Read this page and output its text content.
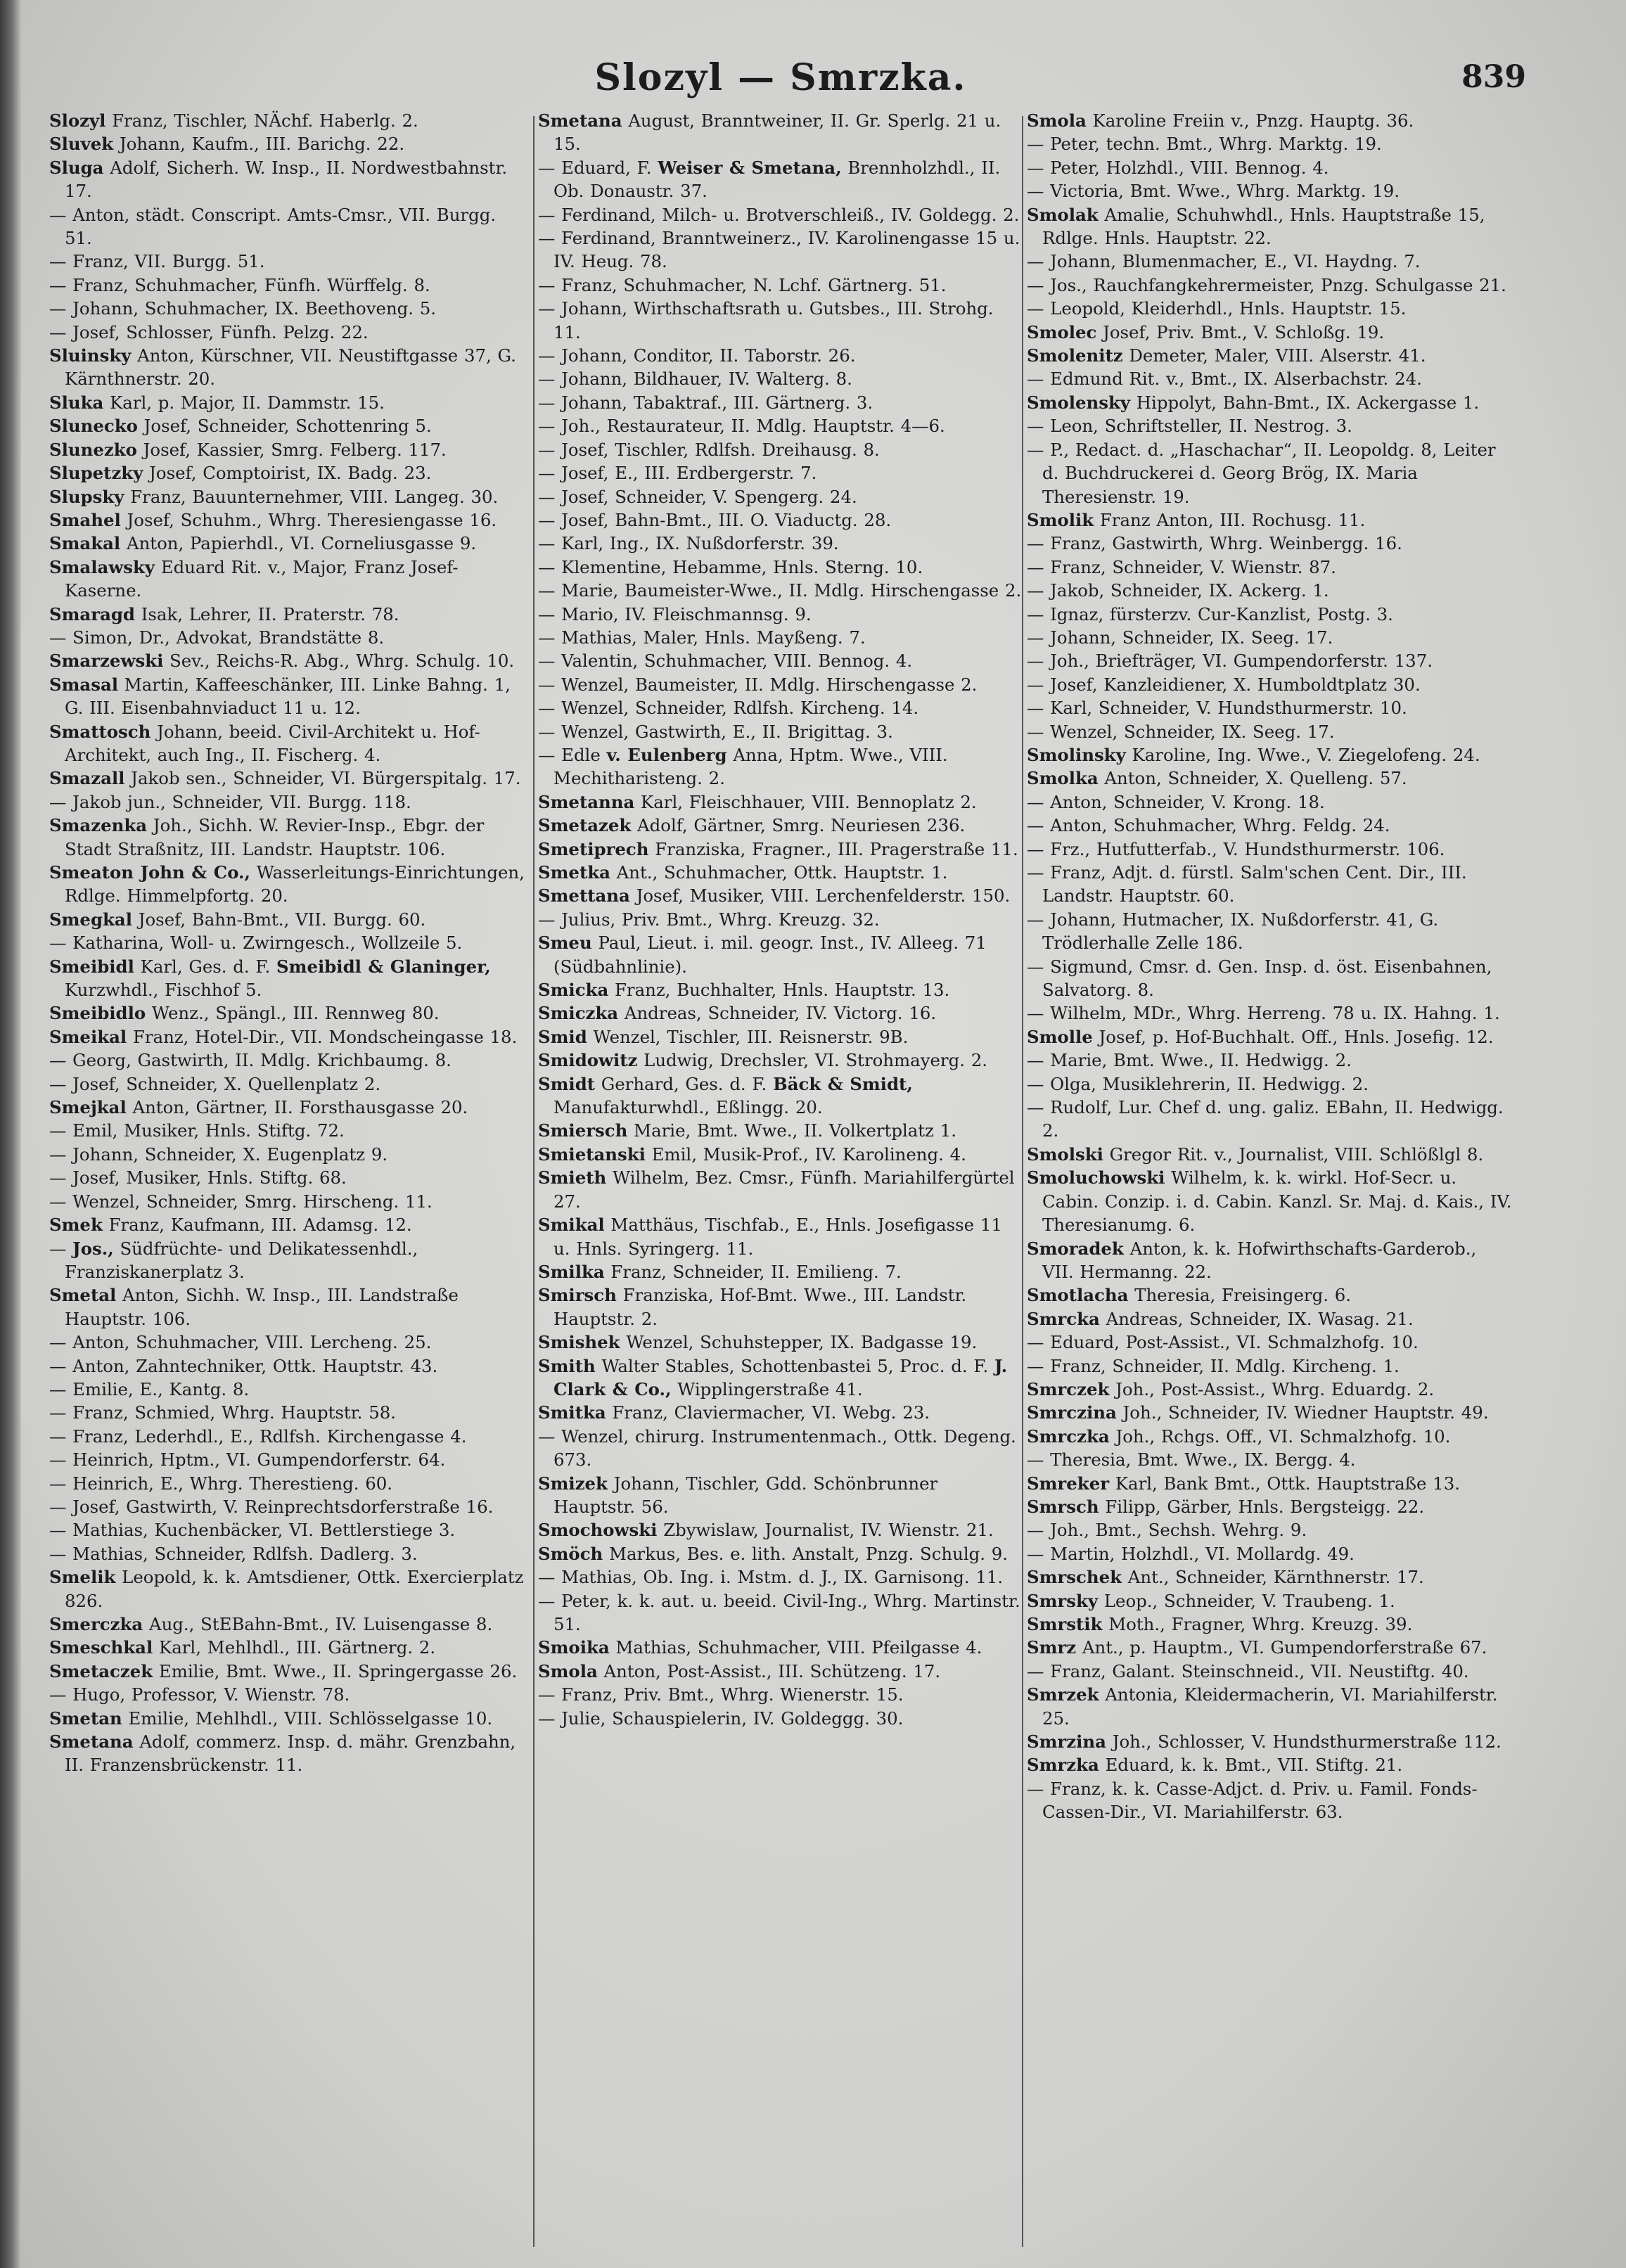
Slozyl — Smrzka.	839
Slozyl Franz, Tischler, NÄchf. Haberlg. 2.
Sluvek Johann, Kaufm., III. Barichg. 22.
Sluga Adolf, Sicherh. W. Insp., II. Nordwestbahnstr. 17.
— Anton, städt. Conscript. Amts-Cmsr., VII. Burgg. 51.
— Franz, VII. Burgg. 51.
— Franz, Schuhmacher, Fünfh. Würffelg. 8.
— Johann, Schuhmacher, IX. Beethoveng. 5.
— Josef, Schlosser, Fünfh. Pelzg. 22.
Sluinsky Anton, Kürschner, VII. Neustiftgasse 37, G. Kärnthnerstr. 20.
Sluka Karl, p. Major, II. Dammstr. 15.
Slunecko Josef, Schneider, Schottenring 5.
Slunezko Josef, Kassier, Smrg. Felberg. 117.
Slupetzky Josef, Comptoirist, IX. Badg. 23.
Slupsky Franz, Bauunternehmer, VIII. Langeg. 30.
Smahel Josef, Schuhm., Whrg. Theresiengasse 16.
Smakal Anton, Papierhdl., VI. Corneliusgasse 9.
Smalawsky Eduard Rit. v., Major, Franz Josef-Kaserne.
Smaragd Isak, Lehrer, II. Praterstr. 78.
— Simon, Dr., Advokat, Brandstätte 8.
Smarzewski Sev., Reichs-R. Abg., Whrg. Schulg. 10.
Smasal Martin, Kaffeeschänker, III. Linke Bahng. 1, G. III. Eisenbahnviaduct 11 u. 12.
Smattosch Johann, beeid. Civil-Architekt u. Hof-Architekt, auch Ing., II. Fischerg. 4.
Smazall Jakob sen., Schneider, VI. Bürgerspitalg. 17.
— Jakob jun., Schneider, VII. Burgg. 118.
Smazenka Joh., Sichh. W. Revier-Insp., Ebgr. der Stadt Straßnitz, III. Landstr. Hauptstr. 106.
Smeaton John & Co., Wasserleitungs-Einrichtungen, Rdlge. Himmelpfortg. 20.
Smegkal Josef, Bahn-Bmt., VII. Burgg. 60.
— Katharina, Woll- u. Zwirngesch., Wollzeile 5.
Smeibidl Karl, Ges. d. F. Smeibidl & Glaninger, Kurzwhdl., Fischhof 5.
Smeibidlo Wenz., Spängl., III. Rennweg 80.
Smeikal Franz, Hotel-Dir., VII. Mondscheingasse 18.
— Georg, Gastwirth, II. Mdlg. Krichbaumg. 8.
— Josef, Schneider, X. Quellenplatz 2.
Smejkal Anton, Gärtner, II. Forsthausgasse 20.
— Emil, Musiker, Hnls. Stiftg. 72.
— Johann, Schneider, X. Eugenplatz 9.
— Josef, Musiker, Hnls. Stiftg. 68.
— Wenzel, Schneider, Smrg. Hirscheng. 11.
Smek Franz, Kaufmann, III. Adamsg. 12.
— Jos., Südfrüchte- und Delikatessenhdl., Franziskanerplatz 3.
Smetal Anton, Sichh. W. Insp., III. Landstraße Hauptstr. 106.
— Anton, Schuhmacher, VIII. Lercheng. 25.
— Anton, Zahntechniker, Ottk. Hauptstr. 43.
— Emilie, E., Kantg. 8.
— Franz, Schmied, Whrg. Hauptstr. 58.
— Franz, Lederhdl., E., Rdlfsh. Kirchengasse 4.
— Heinrich, Hptm., VI. Gumpendorferstr. 64.
— Heinrich, E., Whrg. Therestieng. 60.
— Josef, Gastwirth, V. Reinprechtsdorferstraße 16.
— Mathias, Kuchenbäcker, VI. Bettlerstiege 3.
— Mathias, Schneider, Rdlfsh. Dadlerg. 3.
Smelik Leopold, k. k. Amtsdiener, Ottk. Exercierplatz 826.
Smerczka Aug., StEBahn-Bmt., IV. Luisengasse 8.
Smeschkal Karl, Mehlhdl., III. Gärtnerg. 2.
Smetaczek Emilie, Bmt. Wwe., II. Springergasse 26.
— Hugo, Professor, V. Wienstr. 78.
Smetan Emilie, Mehlhdl., VIII. Schlösselgasse 10.
Smetana Adolf, commerz. Insp. d. mähr. Grenzbahn, II. Franzensbrückenstr. 11.
Smetana August, Branntweiner, II. Gr. Sperlg. 21 u. 15.
— Eduard, F. Weiser & Smetana, Brennholzhdl., II. Ob. Donaustr. 37.
— Ferdinand, Milch- u. Brotverschleiß., IV. Goldegg. 2.
— Ferdinand, Branntweinerz., IV. Karolinengasse 15 u. IV. Heug. 78.
— Franz, Schuhmacher, N. Lchf. Gärtnerg. 51.
— Johann, Wirthschaftsrath u. Gutsbes., III. Strohg. 11.
— Johann, Conditor, II. Taborstr. 26.
— Johann, Bildhauer, IV. Walterg. 8.
— Johann, Tabaktraf., III. Gärtnerg. 3.
— Joh., Restaurateur, II. Mdlg. Hauptstr. 4—6.
— Josef, Tischler, Rdlfsh. Dreihausg. 8.
— Josef, E., III. Erdbergerstr. 7.
— Josef, Schneider, V. Spengerg. 24.
— Josef, Bahn-Bmt., III. O. Viaductg. 28.
— Karl, Ing., IX. Nußdorferstr. 39.
— Klementine, Hebamme, Hnls. Sterng. 10.
— Marie, Baumeister-Wwe., II. Mdlg. Hirschengasse 2.
— Mario, IV. Fleischmannsg. 9.
— Mathias, Maler, Hnls. Mayßeng. 7.
— Valentin, Schuhmacher, VIII. Bennog. 4.
— Wenzel, Baumeister, II. Mdlg. Hirschengasse 2.
— Wenzel, Schneider, Rdlfsh. Kircheng. 14.
— Wenzel, Gastwirth, E., II. Brigittag. 3.
— Edle v. Eulenberg Anna, Hptm. Wwe., VIII. Mechitharisteng. 2.
Smetanna Karl, Fleischhauer, VIII. Bennoplatz 2.
Smetazek Adolf, Gärtner, Smrg. Neuriesen 236.
Smetiprech Franziska, Fragner., III. Pragerstraße 11.
Smetka Ant., Schuhmacher, Ottk. Hauptstr. 1.
Smettana Josef, Musiker, VIII. Lerchenfelderstr. 150.
— Julius, Priv. Bmt., Whrg. Kreuzg. 32.
Smeu Paul, Lieut. i. mil. geogr. Inst., IV. Alleeg. 71 (Südbahnlinie).
Smicka Franz, Buchhalter, Hnls. Hauptstr. 13.
Smiczka Andreas, Schneider, IV. Victorg. 16.
Smid Wenzel, Tischler, III. Reisnerstr. 9B.
Smidowitz Ludwig, Drechsler, VI. Strohmayerg. 2.
Smidt Gerhard, Ges. d. F. Bäck & Smidt, Manufakturwhdl., Eßlingg. 20.
Smiersch Marie, Bmt. Wwe., II. Volkertplatz 1.
Smietanski Emil, Musik-Prof., IV. Karolineng. 4.
Smieth Wilhelm, Bez. Cmsr., Fünfh. Mariahilfergürtel 27.
Smikal Matthäus, Tischfab., E., Hnls. Josefigasse 11 u. Hnls. Syringerg. 11.
Smilka Franz, Schneider, II. Emilieng. 7.
Smirsch Franziska, Hof-Bmt. Wwe., III. Landstr. Hauptstr. 2.
Smishek Wenzel, Schuhstepper, IX. Badgasse 19.
Smith Walter Stables, Schottenbastei 5, Proc. d. F. J. Clark & Co., Wipplingerstraße 41.
Smitka Franz, Claviermacher, VI. Webg. 23.
— Wenzel, chirurg. Instrumentenmach., Ottk. Degeng. 673.
Smizek Johann, Tischler, Gdd. Schönbrunner Hauptstr. 56.
Smochowski Zbywislaw, Journalist, IV. Wienstr. 21.
Smöch Markus, Bes. e. lith. Anstalt, Pnzg. Schulg. 9.
— Mathias, Ob. Ing. i. Mstm. d. J., IX. Garnisong. 11.
— Peter, k. k. aut. u. beeid. Civil-Ing., Whrg. Martinstr. 51.
Smoika Mathias, Schuhmacher, VIII. Pfeilgasse 4.
Smola Anton, Post-Assist., III. Schützeng. 17.
— Franz, Priv. Bmt., Whrg. Wienerstr. 15.
— Julie, Schauspielerin, IV. Goldeggg. 30.
Smola Karoline Freiin v., Pnzg. Hauptg. 36.
— Peter, techn. Bmt., Whrg. Marktg. 19.
— Peter, Holzhdl., VIII. Bennog. 4.
— Victoria, Bmt. Wwe., Whrg. Marktg. 19.
Smolak Amalie, Schuhwhdl., Hnls. Hauptstraße 15, Rdlge. Hnls. Hauptstr. 22.
— Johann, Blumenmacher, E., VI. Haydng. 7.
— Jos., Rauchfangkehrermeister, Pnzg. Schulgasse 21.
— Leopold, Kleiderhdl., Hnls. Hauptstr. 15.
Smolec Josef, Priv. Bmt., V. Schloßg. 19.
Smolenitz Demeter, Maler, VIII. Alserstr. 41.
— Edmund Rit. v., Bmt., IX. Alserbachstr. 24.
Smolensky Hippolyt, Bahn-Bmt., IX. Ackergasse 1.
— Leon, Schriftsteller, II. Nestrog. 3.
— P., Redact. d. „Haschachar“, II. Leopoldg. 8, Leiter d. Buchdruckerei d. Georg Brög, IX. Maria Theresienstr. 19.
Smolik Franz Anton, III. Rochusg. 11.
— Franz, Gastwirth, Whrg. Weinbergg. 16.
— Franz, Schneider, V. Wienstr. 87.
— Jakob, Schneider, IX. Ackerg. 1.
— Ignaz, fürsterzv. Cur-Kanzlist, Postg. 3.
— Johann, Schneider, IX. Seeg. 17.
— Joh., Briefträger, VI. Gumpendorferstr. 137.
— Josef, Kanzleidiener, X. Humboldtplatz 30.
— Karl, Schneider, V. Hundsthurmerstr. 10.
— Wenzel, Schneider, IX. Seeg. 17.
Smolinsky Karoline, Ing. Wwe., V. Ziegelofeng. 24.
Smolka Anton, Schneider, X. Quelleng. 57.
— Anton, Schneider, V. Krong. 18.
— Anton, Schuhmacher, Whrg. Feldg. 24.
— Frz., Hutfutterfab., V. Hundsthurmerstr. 106.
— Franz, Adjt. d. fürstl. Salm'schen Cent. Dir., III. Landstr. Hauptstr. 60.
— Johann, Hutmacher, IX. Nußdorferstr. 41, G. Trödlerhalle Zelle 186.
— Sigmund, Cmsr. d. Gen. Insp. d. öst. Eisenbahnen, Salvatorg. 8.
— Wilhelm, MDr., Whrg. Herreng. 78 u. IX. Hahng. 1.
Smolle Josef, p. Hof-Buchhalt. Off., Hnls. Josefig. 12.
— Marie, Bmt. Wwe., II. Hedwigg. 2.
— Olga, Musiklehrerin, II. Hedwigg. 2.
— Rudolf, Lur. Chef d. ung. galiz. EBahn, II. Hedwigg. 2.
Smolski Gregor Rit. v., Journalist, VIII. Schlößlgl 8.
Smoluchowski Wilhelm, k. k. wirkl. Hof-Secr. u. Cabin. Conzip. i. d. Cabin. Kanzl. Sr. Maj. d. Kais., IV. Theresianumg. 6.
Smoradek Anton, k. k. Hofwirthschafts-Garderob., VII. Hermanng. 22.
Smotlacha Theresia, Freisingerg. 6.
Smrcka Andreas, Schneider, IX. Wasag. 21.
— Eduard, Post-Assist., VI. Schmalzhofg. 10.
— Franz, Schneider, II. Mdlg. Kircheng. 1.
Smrczek Joh., Post-Assist., Whrg. Eduardg. 2.
Smrczina Joh., Schneider, IV. Wiedner Hauptstr. 49.
Smrczka Joh., Rchgs. Off., VI. Schmalzhofg. 10.
— Theresia, Bmt. Wwe., IX. Bergg. 4.
Smreker Karl, Bank Bmt., Ottk. Hauptstraße 13.
Smrsch Filipp, Gärber, Hnls. Bergsteigg. 22.
— Joh., Bmt., Sechsh. Wehrg. 9.
— Martin, Holzhdl., VI. Mollardg. 49.
Smrschek Ant., Schneider, Kärnthnerstr. 17.
Smrsky Leop., Schneider, V. Traubeng. 1.
Smrstik Moth., Fragner, Whrg. Kreuzg. 39.
Smrz Ant., p. Hauptm., VI. Gumpendorferstraße 67.
— Franz, Galant. Steinschneid., VII. Neustiftg. 40.
Smrzek Antonia, Kleidermacherin, VI. Mariahilferstr. 25.
Smrzina Joh., Schlosser, V. Hundsthurmerstraße 112.
Smrzka Eduard, k. k. Bmt., VII. Stiftg. 21.
— Franz, k. k. Casse-Adjct. d. Priv. u. Famil. Fonds-Cassen-Dir., VI. Mariahilferstr. 63.
